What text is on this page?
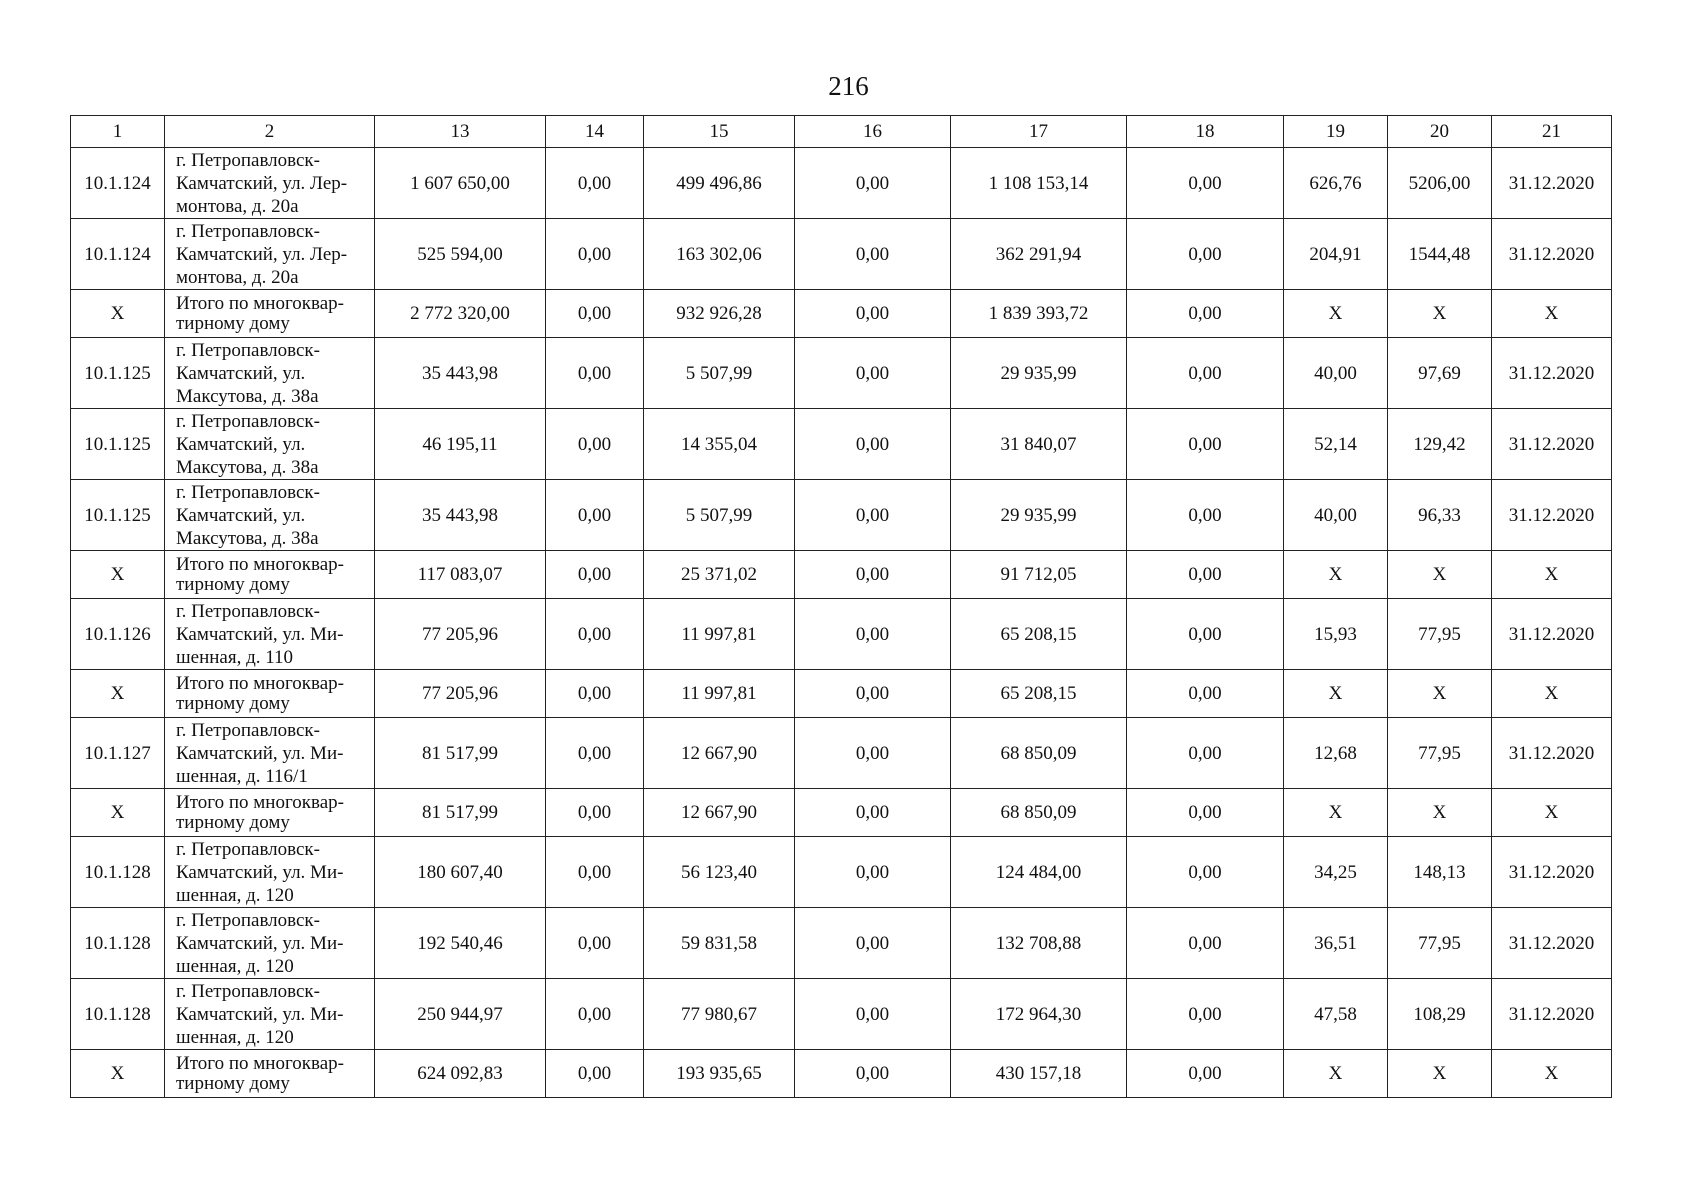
216
1	2	13	14	15	16	17	18	19	20	21
10.1.124	г. Петропавловск-
Камчатский, ул. Лер-
монтова, д. 20а	1 607 650,00	0,00	499 496,86	0,00	1 108 153,14	0,00	626,76	5206,00	31.12.2020
10.1.124	г. Петропавловск-
Камчатский, ул. Лер-
монтова, д. 20а	525 594,00	0,00	163 302,06	0,00	362 291,94	0,00	204,91	1544,48	31.12.2020
X	Итого по многоквар-
тирному дому	2 772 320,00	0,00	932 926,28	0,00	1 839 393,72	0,00	X	X	X
10.1.125	г. Петропавловск-
Камчатский, ул.
Максутова, д. 38а	35 443,98	0,00	5 507,99	0,00	29 935,99	0,00	40,00	97,69	31.12.2020
10.1.125	г. Петропавловск-
Камчатский, ул.
Максутова, д. 38а	46 195,11	0,00	14 355,04	0,00	31 840,07	0,00	52,14	129,42	31.12.2020
10.1.125	г. Петропавловск-
Камчатский, ул.
Максутова, д. 38а	35 443,98	0,00	5 507,99	0,00	29 935,99	0,00	40,00	96,33	31.12.2020
X	Итого по многоквар-
тирному дому	117 083,07	0,00	25 371,02	0,00	91 712,05	0,00	X	X	X
10.1.126	г. Петропавловск-
Камчатский, ул. Ми-
шенная, д. 110	77 205,96	0,00	11 997,81	0,00	65 208,15	0,00	15,93	77,95	31.12.2020
X	Итого по многоквар-
тирному дому	77 205,96	0,00	11 997,81	0,00	65 208,15	0,00	X	X	X
10.1.127	г. Петропавловск-
Камчатский, ул. Ми-
шенная, д. 116/1	81 517,99	0,00	12 667,90	0,00	68 850,09	0,00	12,68	77,95	31.12.2020
X	Итого по многоквар-
тирному дому	81 517,99	0,00	12 667,90	0,00	68 850,09	0,00	X	X	X
10.1.128	г. Петропавловск-
Камчатский, ул. Ми-
шенная, д. 120	180 607,40	0,00	56 123,40	0,00	124 484,00	0,00	34,25	148,13	31.12.2020
10.1.128	г. Петропавловск-
Камчатский, ул. Ми-
шенная, д. 120	192 540,46	0,00	59 831,58	0,00	132 708,88	0,00	36,51	77,95	31.12.2020
10.1.128	г. Петропавловск-
Камчатский, ул. Ми-
шенная, д. 120	250 944,97	0,00	77 980,67	0,00	172 964,30	0,00	47,58	108,29	31.12.2020
X	Итого по многоквар-
тирному дому	624 092,83	0,00	193 935,65	0,00	430 157,18	0,00	X	X	X
